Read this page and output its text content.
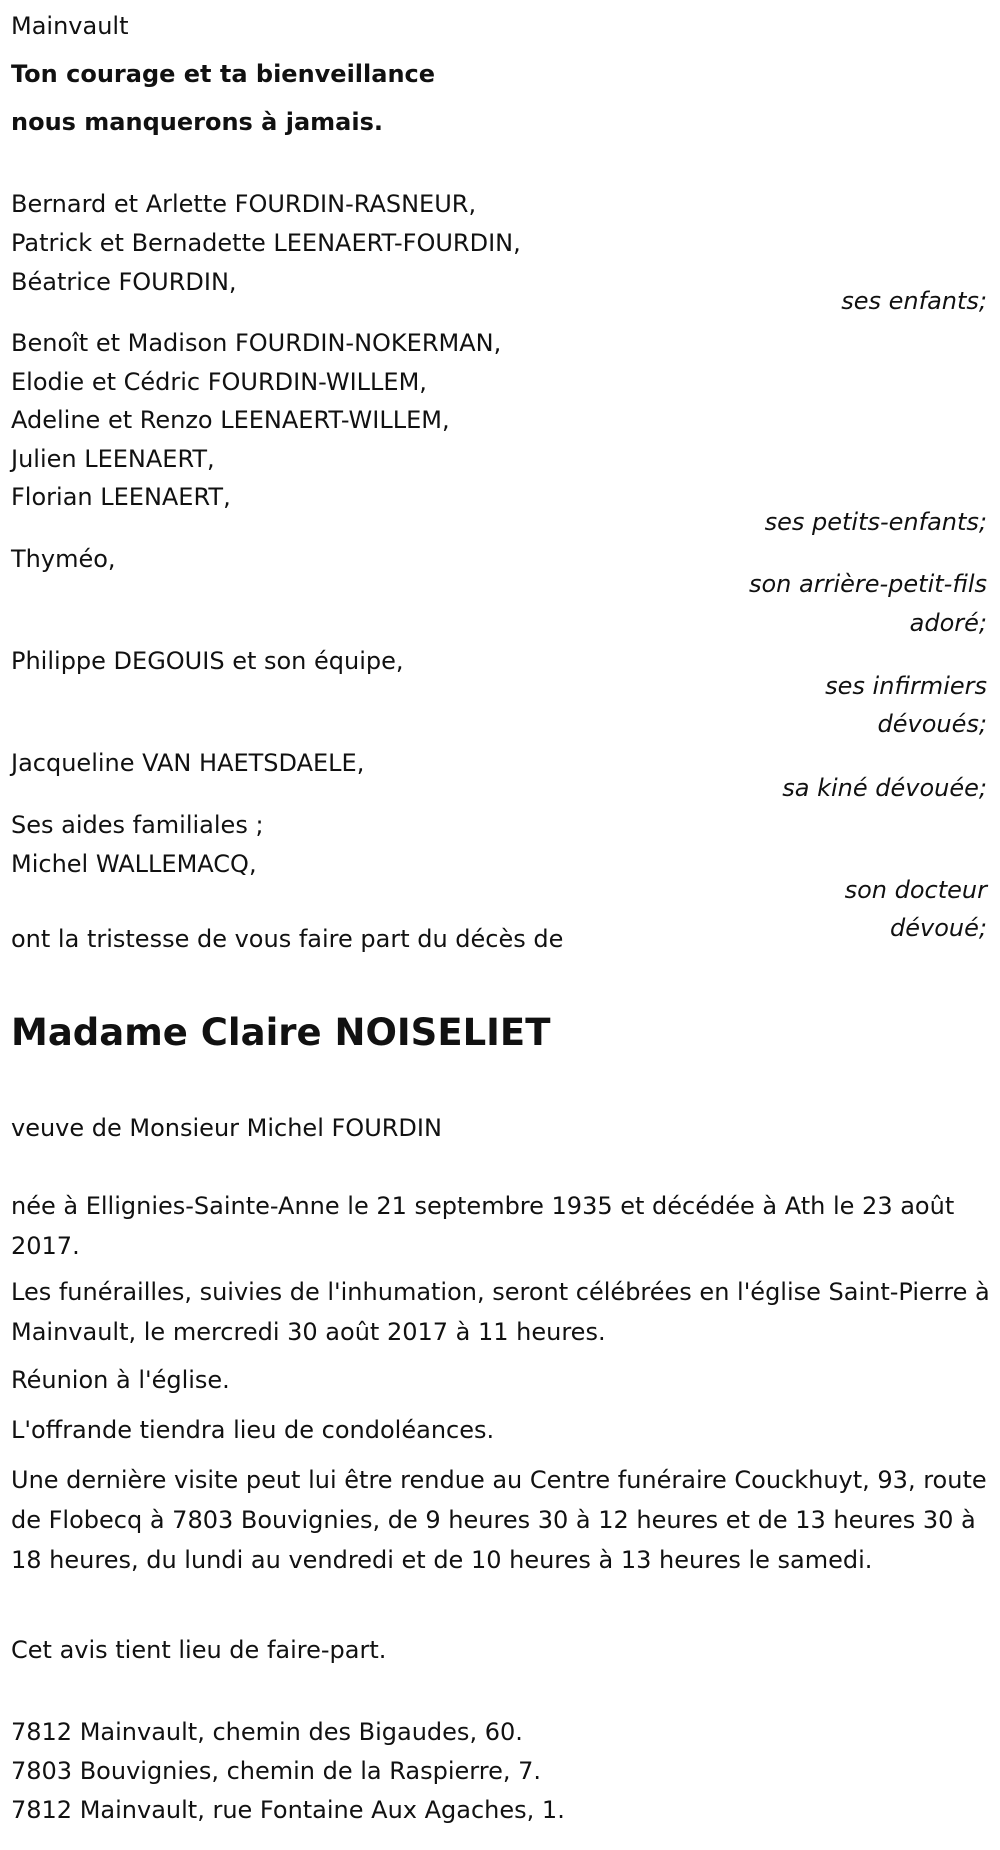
Mainvault
Ton courage et ta bienveillance
nous manquerons à jamais.
Bernard et Arlette FOURDIN-RASNEUR,
Patrick et Bernadette LEENAERT-FOURDIN,
Béatrice FOURDIN,
ses enfants;
Benoît et Madison FOURDIN-NOKERMAN,
Elodie et Cédric FOURDIN-WILLEM,
Adeline et Renzo LEENAERT-WILLEM,
Julien LEENAERT,
Florian LEENAERT,
ses petits-enfants;
Thyméo,
son arrière-petit-fils
adoré;
Philippe DEGOUIS et son équipe,
ses infirmiers
dévoués;
Jacqueline VAN HAETSDAELE,
sa kiné dévouée;
Ses aides familiales ;
Michel WALLEMACQ,
son docteur
dévoué;
ont la tristesse de vous faire part du décès de
Madame Claire NOISELIET
veuve de Monsieur Michel FOURDIN
née à Ellignies-Sainte-Anne le 21 septembre 1935 et décédée à Ath le 23 août 2017.
Les funérailles, suivies de l'inhumation, seront célébrées en l'église Saint-Pierre à Mainvault, le mercredi 30 août 2017 à 11 heures.
Réunion à l'église.
L'offrande tiendra lieu de condoléances.
Une dernière visite peut lui être rendue au Centre funéraire Couckhuyt, 93, route de Flobecq à 7803 Bouvignies, de 9 heures 30 à 12 heures et de 13 heures 30 à 18 heures, du lundi au vendredi et de 10 heures à 13 heures le samedi.
Cet avis tient lieu de faire-part.
7812 Mainvault, chemin des Bigaudes, 60.
7803 Bouvignies, chemin de la Raspierre, 7.
7812 Mainvault, rue Fontaine Aux Agaches, 1.
